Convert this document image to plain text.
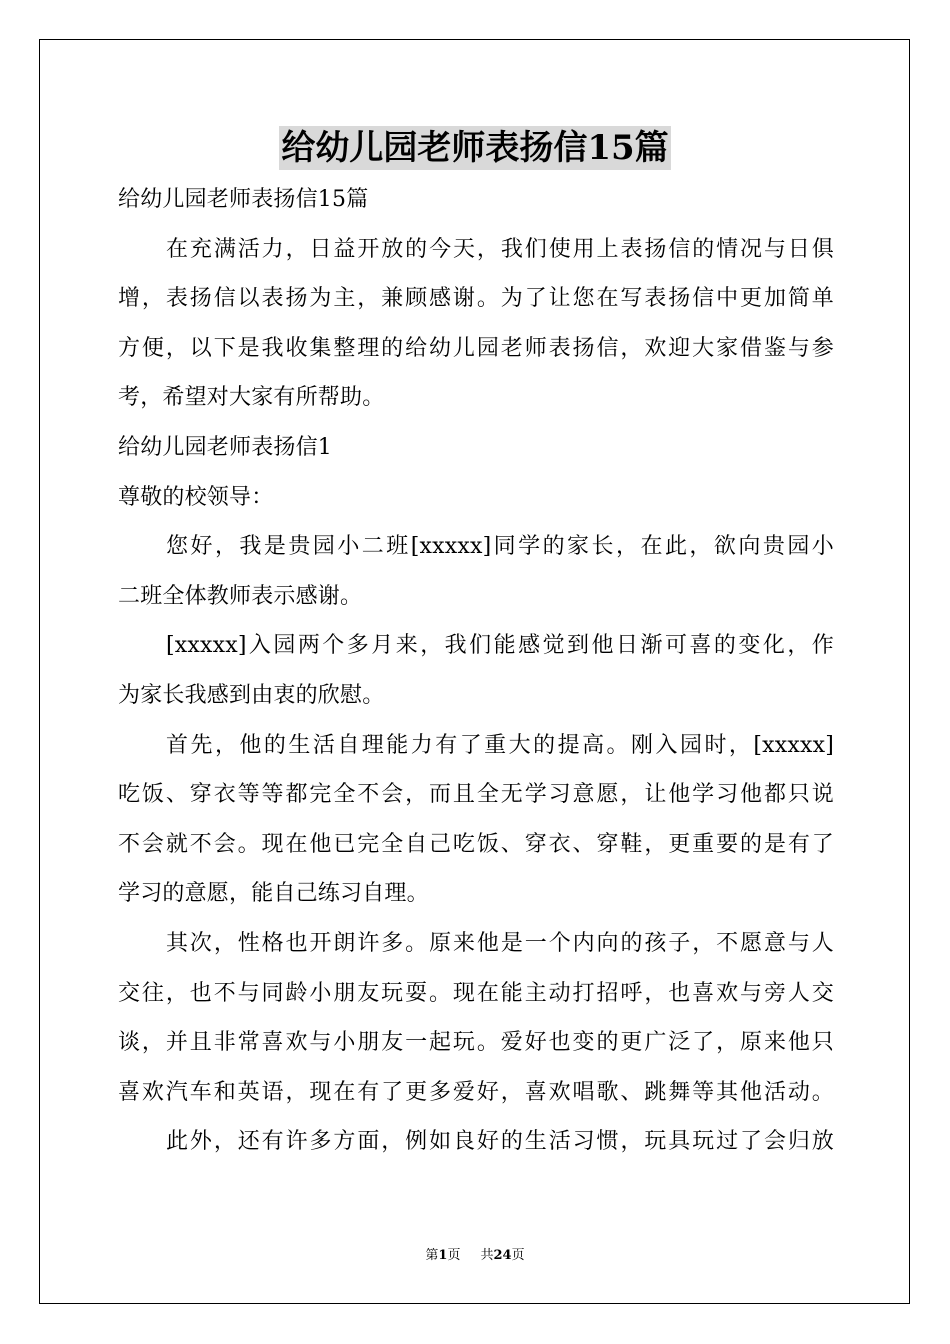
给幼儿园老师表扬信15篇
给幼儿园老师表扬信15篇
在充满活力，日益开放的今天，我们使用上表扬信的情况与日俱
增，表扬信以表扬为主，兼顾感谢。为了让您在写表扬信中更加简单
方便，以下是我收集整理的给幼儿园老师表扬信，欢迎大家借鉴与参
考，希望对大家有所帮助。
给幼儿园老师表扬信1
尊敬的校领导：
您好，我是贵园小二班[xxxxx]同学的家长，在此，欲向贵园小
二班全体教师表示感谢。
[xxxxx]入园两个多月来，我们能感觉到他日渐可喜的变化，作
为家长我感到由衷的欣慰。
首先，他的生活自理能力有了重大的提高。刚入园时，[xxxxx]
吃饭、穿衣等等都完全不会，而且全无学习意愿，让他学习他都只说
不会就不会。现在他已完全自己吃饭、穿衣、穿鞋，更重要的是有了
学习的意愿，能自己练习自理。
其次，性格也开朗许多。原来他是一个内向的孩子，不愿意与人
交往，也不与同龄小朋友玩耍。现在能主动打招呼，也喜欢与旁人交
谈，并且非常喜欢与小朋友一起玩。爱好也变的更广泛了，原来他只
喜欢汽车和英语，现在有了更多爱好，喜欢唱歌、跳舞等其他活动。
此外，还有许多方面，例如良好的生活习惯，玩具玩过了会归放
第1页 共24页
